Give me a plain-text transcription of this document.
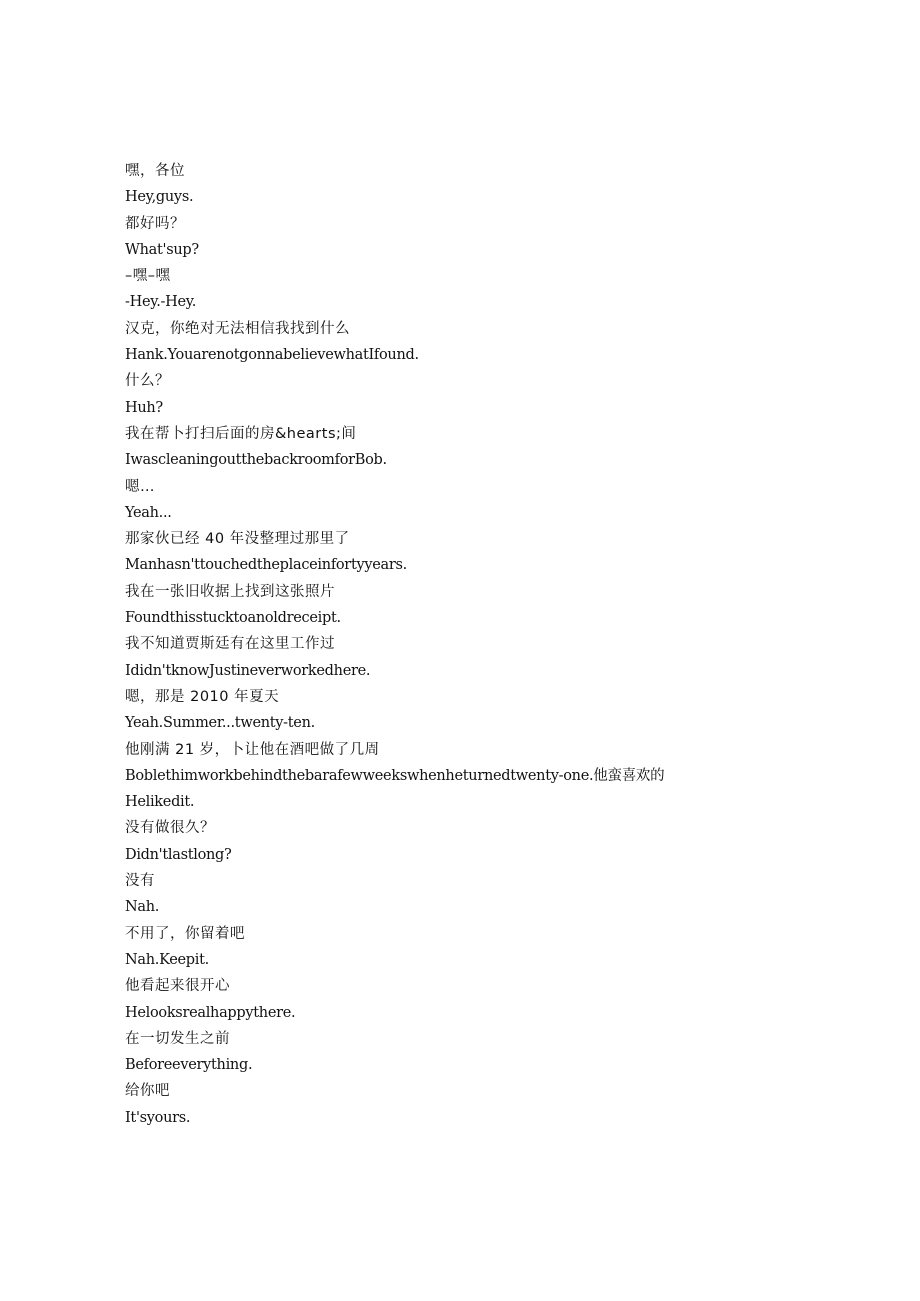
嘿，各位
Hey,guys.
都好吗？
What'sup?
–嘿–嘿
-Hey.-Hey.
汉克，你绝对无法相信我找到什么
Hank.YouarenotgonnabelievewhatIfound.
什么？
Huh?
我在帮卜打扫后面的房&hearts;间
IwascleaningoutthebackroomforBob.
嗯…
Yeah...
那家伙已经 40 年没整理过那里了
Manhasn'ttouchedtheplaceinfortyyears.
我在一张旧收据上找到这张照片
Foundthisstucktoanoldreceipt.
我不知道贾斯廷有在这里工作过
Ididn'tknowJustineverworkedhere.
嗯，那是 2010 年夏天
Yeah.Summer...twenty-ten.
他刚满 21 岁，卜让他在酒吧做了几周
Boblethimworkbehindthebarafewweekswhenheturnedtwenty-one.他蛮喜欢的
Helikedit.
没有做很久？
Didn'tlastlong?
没有
Nah.
不用了，你留着吧
Nah.Keepit.
他看起来很开心
Helooksrealhappythere.
在一切发生之前
Beforeeverything.
给你吧
It'syours.
